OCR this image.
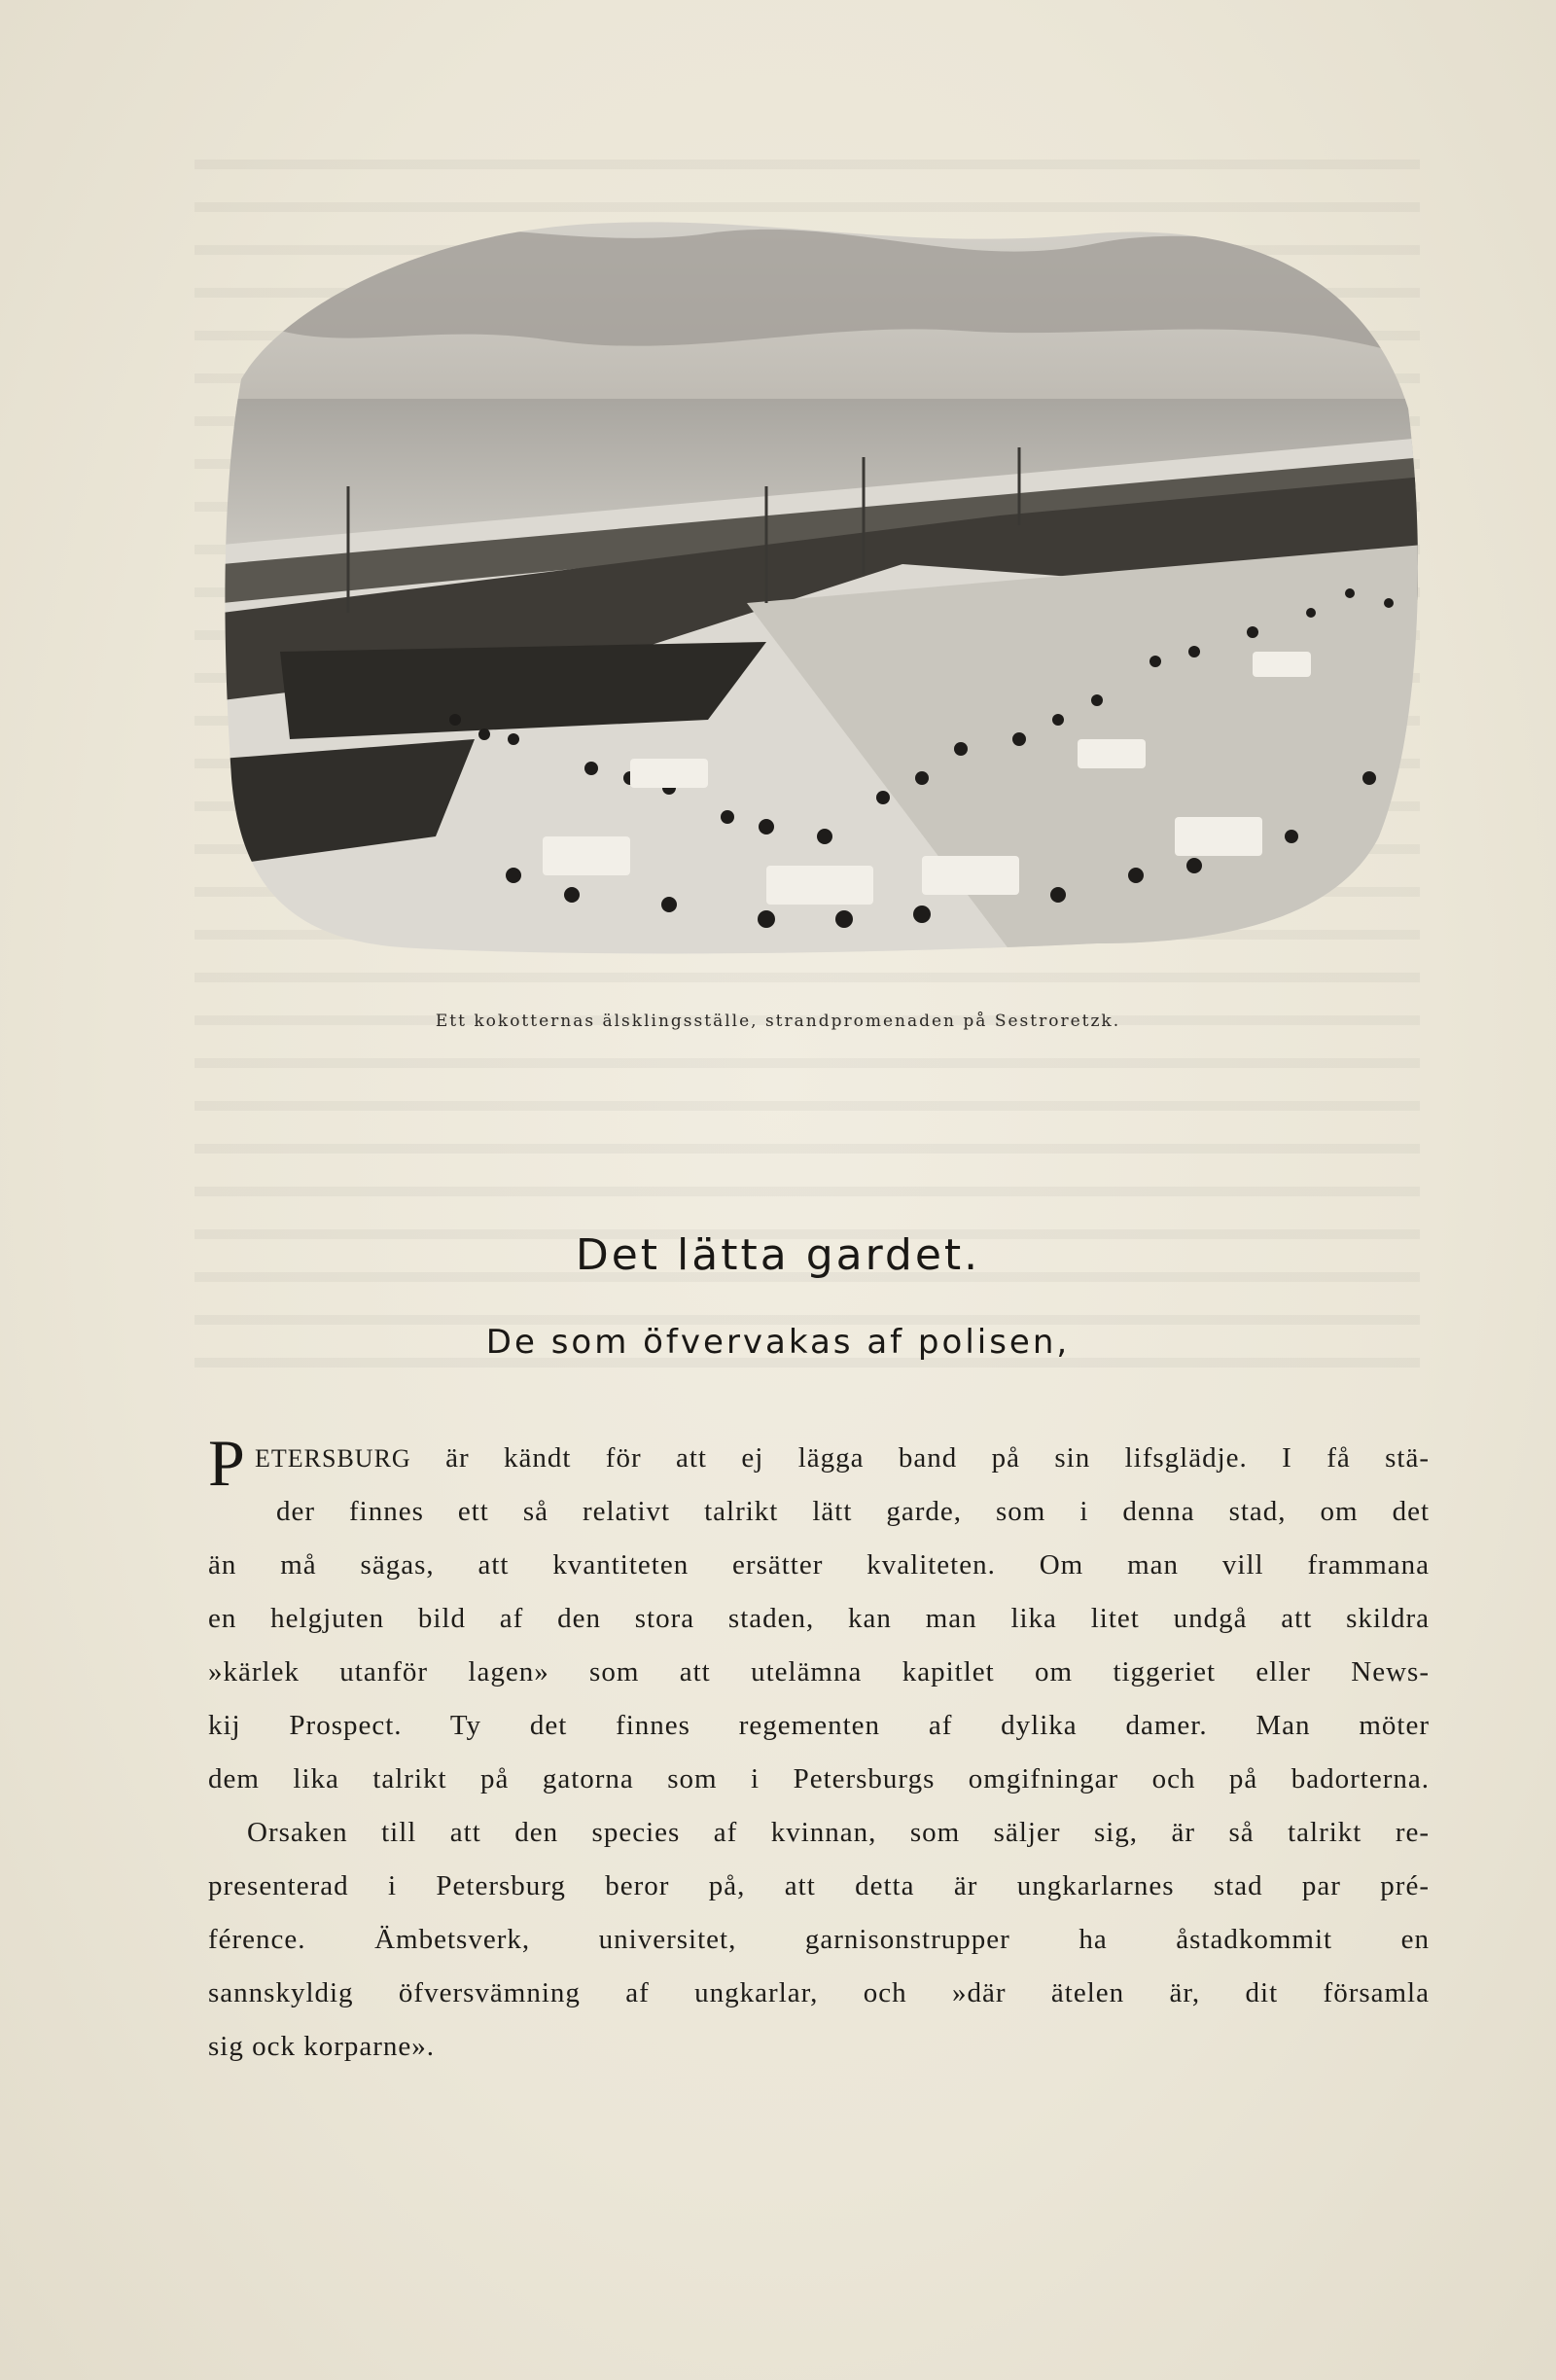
Ett kokotternas älsklingsställe, strandpromenaden på Sestroretzk.
Det lätta gardet.
De som öfvervakas af polisen,
P ETERSBURG är kändt för att ej lägga band på sin lifsglädje. I få stä-
der finnes ett så relativt talrikt lätt garde, som i denna stad, om det
än må sägas, att kvantiteten ersätter kvaliteten. Om man vill frammana
en helgjuten bild af den stora staden, kan man lika litet undgå att skildra
»kärlek utanför lagen» som att utelämna kapitlet om tiggeriet eller News-
kij Prospect. Ty det finnes regementen af dylika damer. Man möter
dem lika talrikt på gatorna som i Petersburgs omgifningar och på badorterna.
Orsaken till att den species af kvinnan, som säljer sig, är så talrikt re-
presenterad i Petersburg beror på, att detta är ungkarlarnes stad par pré-
férence. Ämbetsverk, universitet, garnisonstrupper ha åstadkommit en
sannskyldig öfversvämning af ungkarlar, och »där ätelen är, dit församla
sig ock korparne».
